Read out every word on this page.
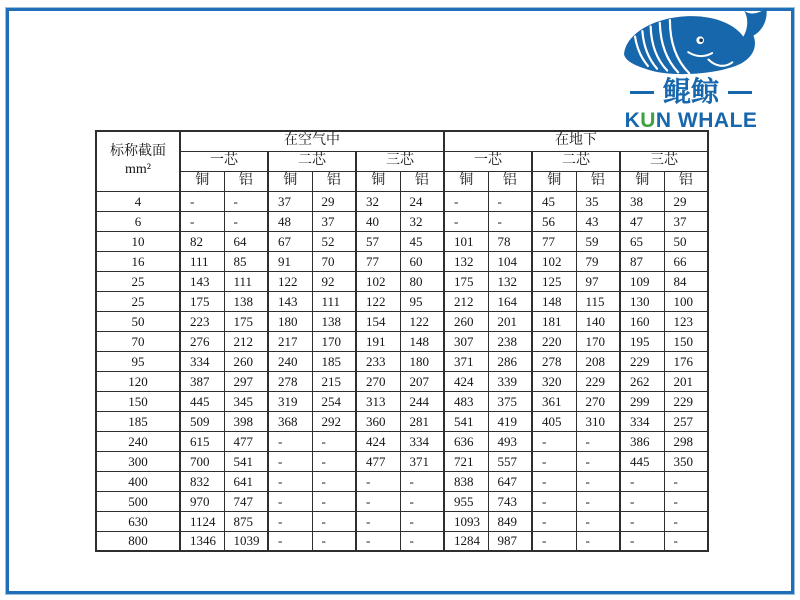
鲲鲸
KUN WHALE
标称截面
mm²	在空气中						在地下					
	一芯		二芯		三芯		一芯		二芯		三芯	
	铜	铝	铜	铝	铜	铝	铜	铝	铜	铝	铜	铝
4	-	-	37	29	32	24	-	-	45	35	38	29
6	-	-	48	37	40	32	-	-	56	43	47	37
10	82	64	67	52	57	45	101	78	77	59	65	50
16	111	85	91	70	77	60	132	104	102	79	87	66
25	143	111	122	92	102	80	175	132	125	97	109	84
25	175	138	143	111	122	95	212	164	148	115	130	100
50	223	175	180	138	154	122	260	201	181	140	160	123
70	276	212	217	170	191	148	307	238	220	170	195	150
95	334	260	240	185	233	180	371	286	278	208	229	176
120	387	297	278	215	270	207	424	339	320	229	262	201
150	445	345	319	254	313	244	483	375	361	270	299	229
185	509	398	368	292	360	281	541	419	405	310	334	257
240	615	477	-	-	424	334	636	493	-	-	386	298
300	700	541	-	-	477	371	721	557	-	-	445	350
400	832	641	-	-	-	-	838	647	-	-	-	-
500	970	747	-	-	-	-	955	743	-	-	-	-
630	1124	875	-	-	-	-	1093	849	-	-	-	-
800	1346	1039	-	-	-	-	1284	987	-	-	-	-
